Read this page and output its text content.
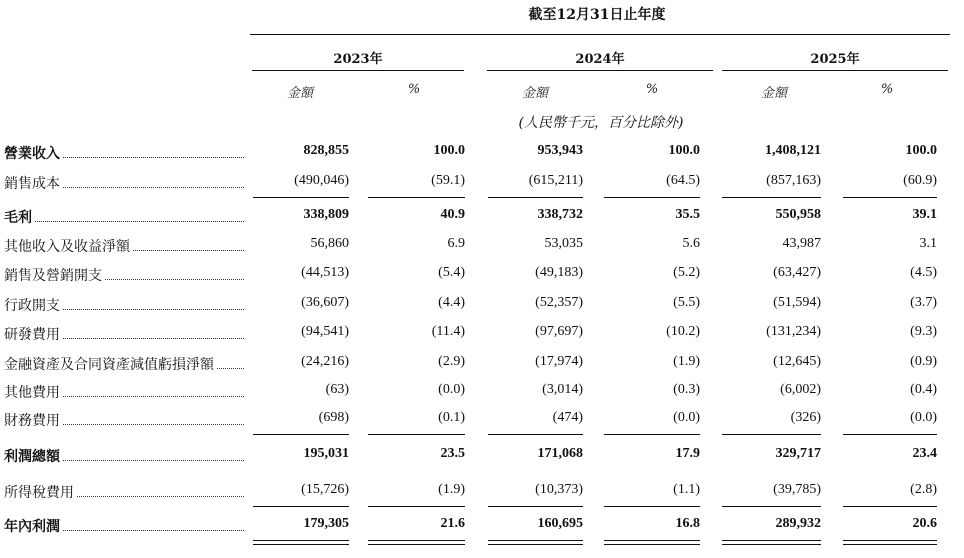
截至12月31日止年度
2023年	2024年	2025年
金額	%	金額	%	金額	%
(人民幣千元，百分比除外)
營業收入	828,855	100.0	953,943	100.0	1,408,121	100.0
銷售成本	(490,046)	(59.1)	(615,211)	(64.5)	(857,163)	(60.9)
毛利	338,809	40.9	338,732	35.5	550,958	39.1
其他收入及收益淨額	56,860	6.9	53,035	5.6	43,987	3.1
銷售及營銷開支	(44,513)	(5.4)	(49,183)	(5.2)	(63,427)	(4.5)
行政開支	(36,607)	(4.4)	(52,357)	(5.5)	(51,594)	(3.7)
研發費用	(94,541)	(11.4)	(97,697)	(10.2)	(131,234)	(9.3)
金融資產及合同資產減值虧損淨額	(24,216)	(2.9)	(17,974)	(1.9)	(12,645)	(0.9)
其他費用	(63)	(0.0)	(3,014)	(0.3)	(6,002)	(0.4)
財務費用	(698)	(0.1)	(474)	(0.0)	(326)	(0.0)
利潤總額	195,031	23.5	171,068	17.9	329,717	23.4
所得稅費用	(15,726)	(1.9)	(10,373)	(1.1)	(39,785)	(2.8)
年內利潤	179,305	21.6	160,695	16.8	289,932	20.6
